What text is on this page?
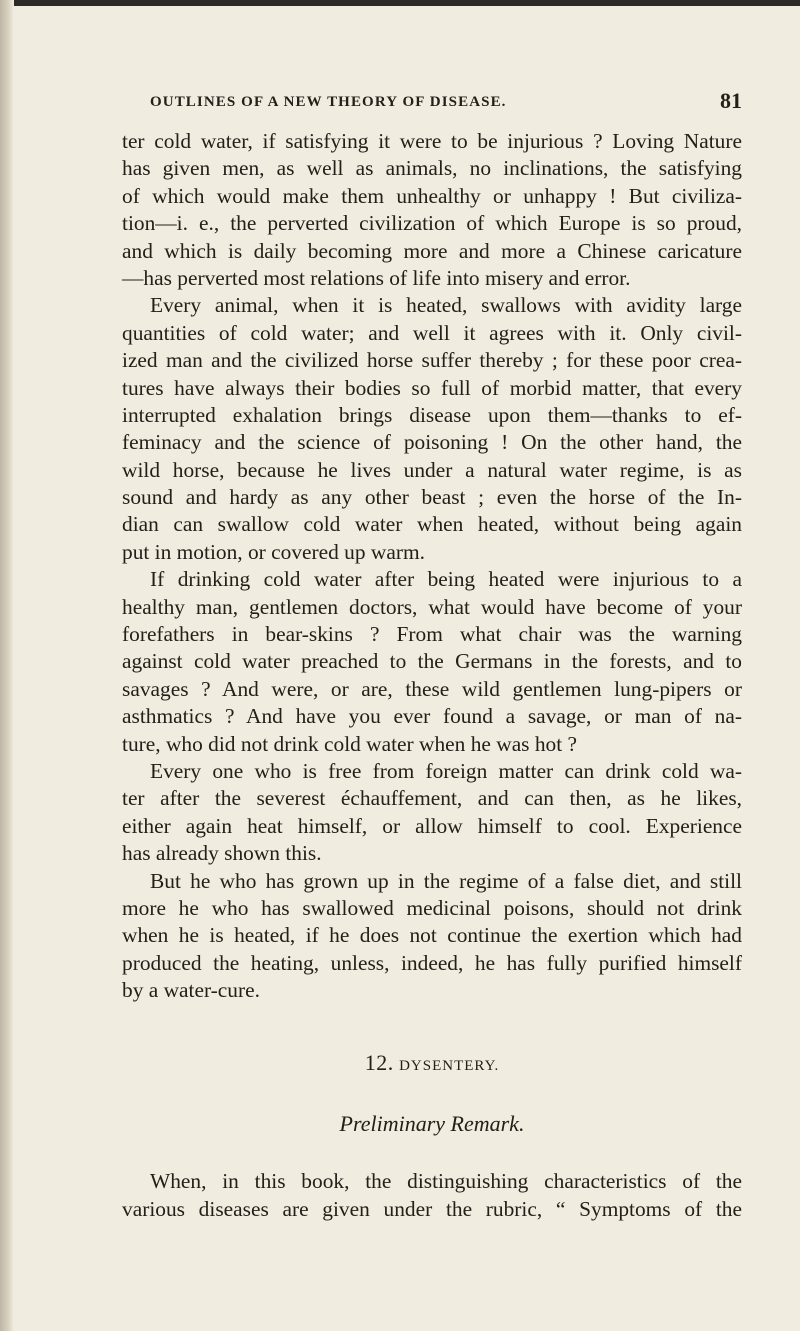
OUTLINES OF A NEW THEORY OF DISEASE.	81
ter cold water, if satisfying it were to be injurious ? Loving Nature
has given men, as well as animals, no inclinations, the satisfying
of which would make them unhealthy or unhappy ! But civiliza-
tion—i. e., the perverted civilization of which Europe is so proud,
and which is daily becoming more and more a Chinese caricature
—has perverted most relations of life into misery and error.
Every animal, when it is heated, swallows with avidity large
quantities of cold water; and well it agrees with it. Only civil-
ized man and the civilized horse suffer thereby ; for these poor crea-
tures have always their bodies so full of morbid matter, that every
interrupted exhalation brings disease upon them—thanks to ef-
feminacy and the science of poisoning ! On the other hand, the
wild horse, because he lives under a natural water regime, is as
sound and hardy as any other beast ; even the horse of the In-
dian can swallow cold water when heated, without being again
put in motion, or covered up warm.
If drinking cold water after being heated were injurious to a
healthy man, gentlemen doctors, what would have become of your
forefathers in bear-skins ? From what chair was the warning
against cold water preached to the Germans in the forests, and to
savages ? And were, or are, these wild gentlemen lung-pipers or
asthmatics ? And have you ever found a savage, or man of na-
ture, who did not drink cold water when he was hot ?
Every one who is free from foreign matter can drink cold wa-
ter after the severest échauffement, and can then, as he likes,
either again heat himself, or allow himself to cool. Experience
has already shown this.
But he who has grown up in the regime of a false diet, and still
more he who has swallowed medicinal poisons, should not drink
when he is heated, if he does not continue the exertion which had
produced the heating, unless, indeed, he has fully purified himself
by a water-cure.
12. DYSENTERY.
Preliminary Remark.
When, in this book, the distinguishing characteristics of the
various diseases are given under the rubric, “ Symptoms of the
